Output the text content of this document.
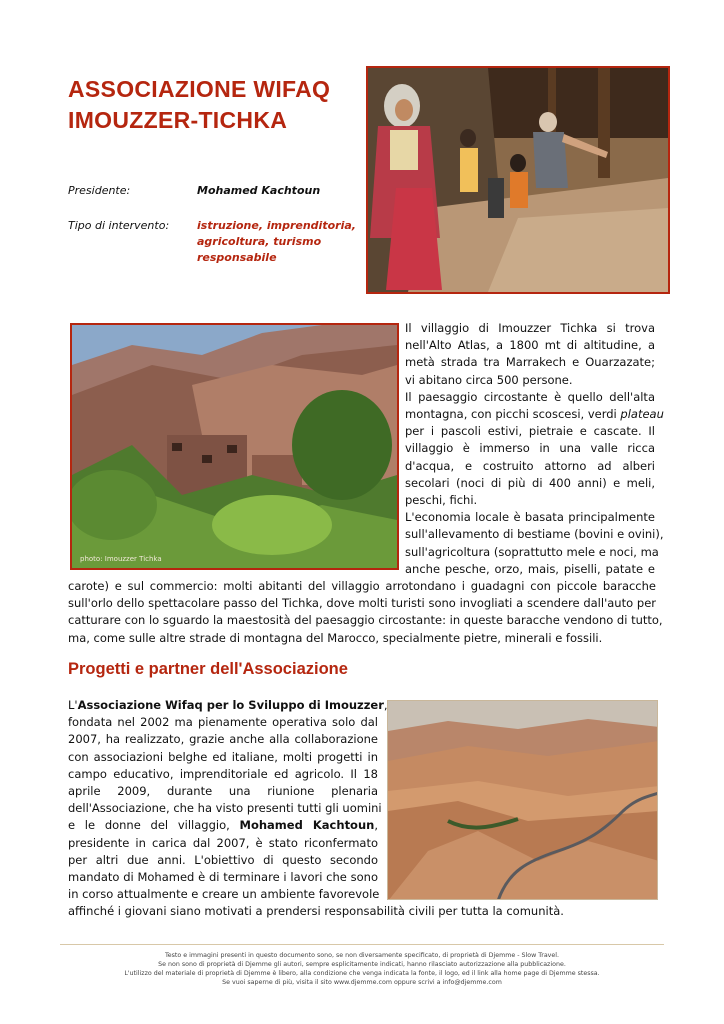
ASSOCIAZIONE WIFAQ
IMOUZZER-TICHKA
Presidente:	Mohamed Kachtoun
Tipo di intervento:	istruzione, imprenditoria,
agricoltura, turismo
responsabile
photo: Imouzzer Tichka
Il villaggio di Imouzzer Tichka si trova
nell'Alto Atlas, a 1800 mt di altitudine, a
metà strada tra Marrakech e Ouarzazate;
vi abitano circa 500 persone.
Il paesaggio circostante è quello dell'alta
montagna, con picchi scoscesi, verdi plateau
per i pascoli estivi, pietraie e cascate. Il
villaggio è immerso in una valle ricca
d'acqua, e costruito attorno ad alberi
secolari (noci di più di 400 anni) e meli,
peschi, fichi.
L'economia locale è basata principalmente
sull'allevamento di bestiame (bovini e ovini),
sull'agricoltura (soprattutto mele e noci, ma
anche pesche, orzo, mais, piselli, patate e
carote) e sul commercio: molti abitanti del villaggio arrotondano i guadagni con piccole baracche
sull'orlo dello spettacolare passo del Tichka, dove molti turisti sono invogliati a scendere dall'auto per
catturare con lo sguardo la maestosità del paesaggio circostante: in queste baracche vendono di tutto,
ma, come sulle altre strade di montagna del Marocco, specialmente pietre, minerali e fossili.
Progetti e partner dell'Associazione
L'Associazione Wifaq per lo Sviluppo di Imouzzer,
fondata nel 2002 ma pienamente operativa solo dal
2007, ha realizzato, grazie anche alla collaborazione
con associazioni belghe ed italiane, molti progetti in
campo educativo, imprenditoriale ed agricolo. Il 18
aprile 2009, durante una riunione plenaria
dell'Associazione, che ha visto presenti tutti gli uomini
e le donne del villaggio, Mohamed Kachtoun,
presidente in carica dal 2007, è stato riconfermato
per altri due anni. L'obiettivo di questo secondo
mandato di Mohamed è di terminare i lavori che sono
in corso attualmente e creare un ambiente favorevole
affinché i giovani siano motivati a prendersi responsabilità civili per tutta la comunità.
Testo e immagini presenti in questo documento sono, se non diversamente specificato, di proprietà di Djemme - Slow Travel.
Se non sono di proprietà di Djemme gli autori, sempre esplicitamente indicati, hanno rilasciato autorizzazione alla pubblicazione.
L'utilizzo del materiale di proprietà di Djemme è libero, alla condizione che venga indicata la fonte, il logo, ed il link alla home page di Djemme stessa.
Se vuoi saperne di più, visita il sito www.djemme.com oppure scrivi a info@djemme.com
